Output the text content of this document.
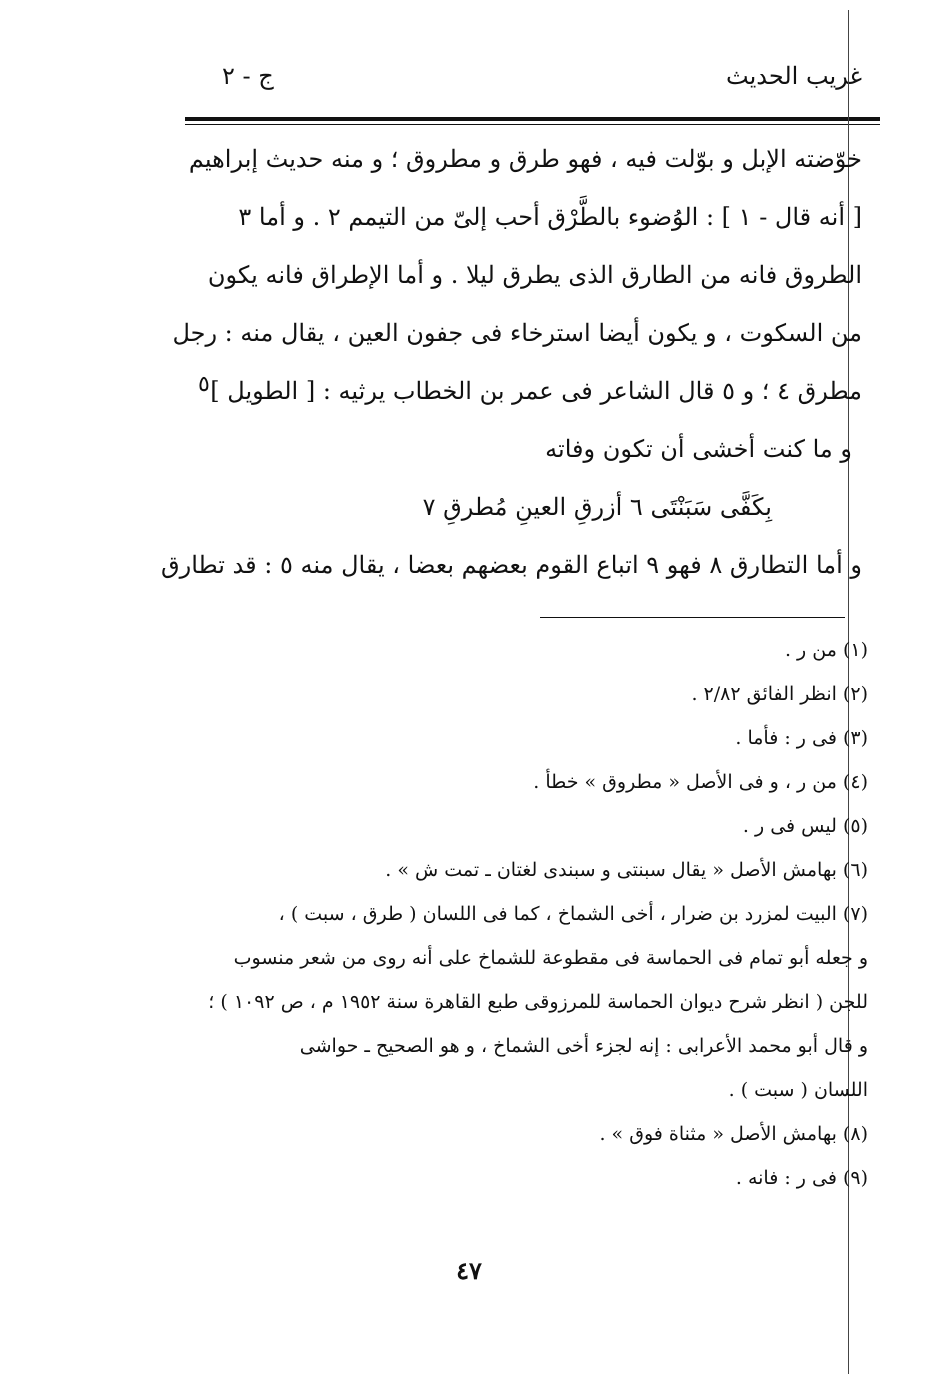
غريب الحديث
ج - ٢
خوّضته الإبل و بوّلت فيه ، فهو طرق و مطروق ؛ و منه حديث إبراهيم
[ أنه قال - ١ ] : الوُضوء بالطَّرْق أحب إلىّ من التيمم ٢ . و أما ٣
الطروق فانه من الطارق الذى يطرق ليلا . و أما الإطراق فانه يكون
من السكوت ، و يكون أيضا استرخاء فى جفون العين ، يقال منه : رجل
مطرق ٤ ؛ و ٥ قال الشاعر فى عمر بن الخطاب يرثيه : [ الطويل ]
و ما كنت أخشى أن تكون وفاته
بِكَفَّى سَبَنْتَى ٦ أزرقِ العينِ مُطرقِ ٧
و أما التطارق ٨ فهو ٩ اتباع القوم بعضهم بعضا ، يقال منه ٥ : قد تطارق
٥
(١) من ر .
(٢) انظر الفائق ٢/٨٢ .
(٣) فى ر : فأما .
(٤) من ر ، و فى الأصل « مطروق » خطأ .
(٥) ليس فى ر .
(٦) بهامش الأصل « يقال سبنتى و سبندى لغتان ـ تمت ش » .
(٧) البيت لمزرد بن ضرار ، أخى الشماخ ، كما فى اللسان ( طرق ، سبت ) ،
و جعله أبو تمام فى الحماسة فى مقطوعة للشماخ على أنه روى من شعر منسوب
للجن ( انظر شرح ديوان الحماسة للمرزوقى طبع القاهرة سنة ١٩٥٢ م ، ص ١٠٩٢ ) ؛
و قال أبو محمد الأعرابى : إنه لجزء أخى الشماخ ، و هو الصحيح ـ حواشى
اللسان ( سبت ) .
(٨) بهامش الأصل « مثناة فوق » .
(٩) فى ر : فانه .
٤٧
